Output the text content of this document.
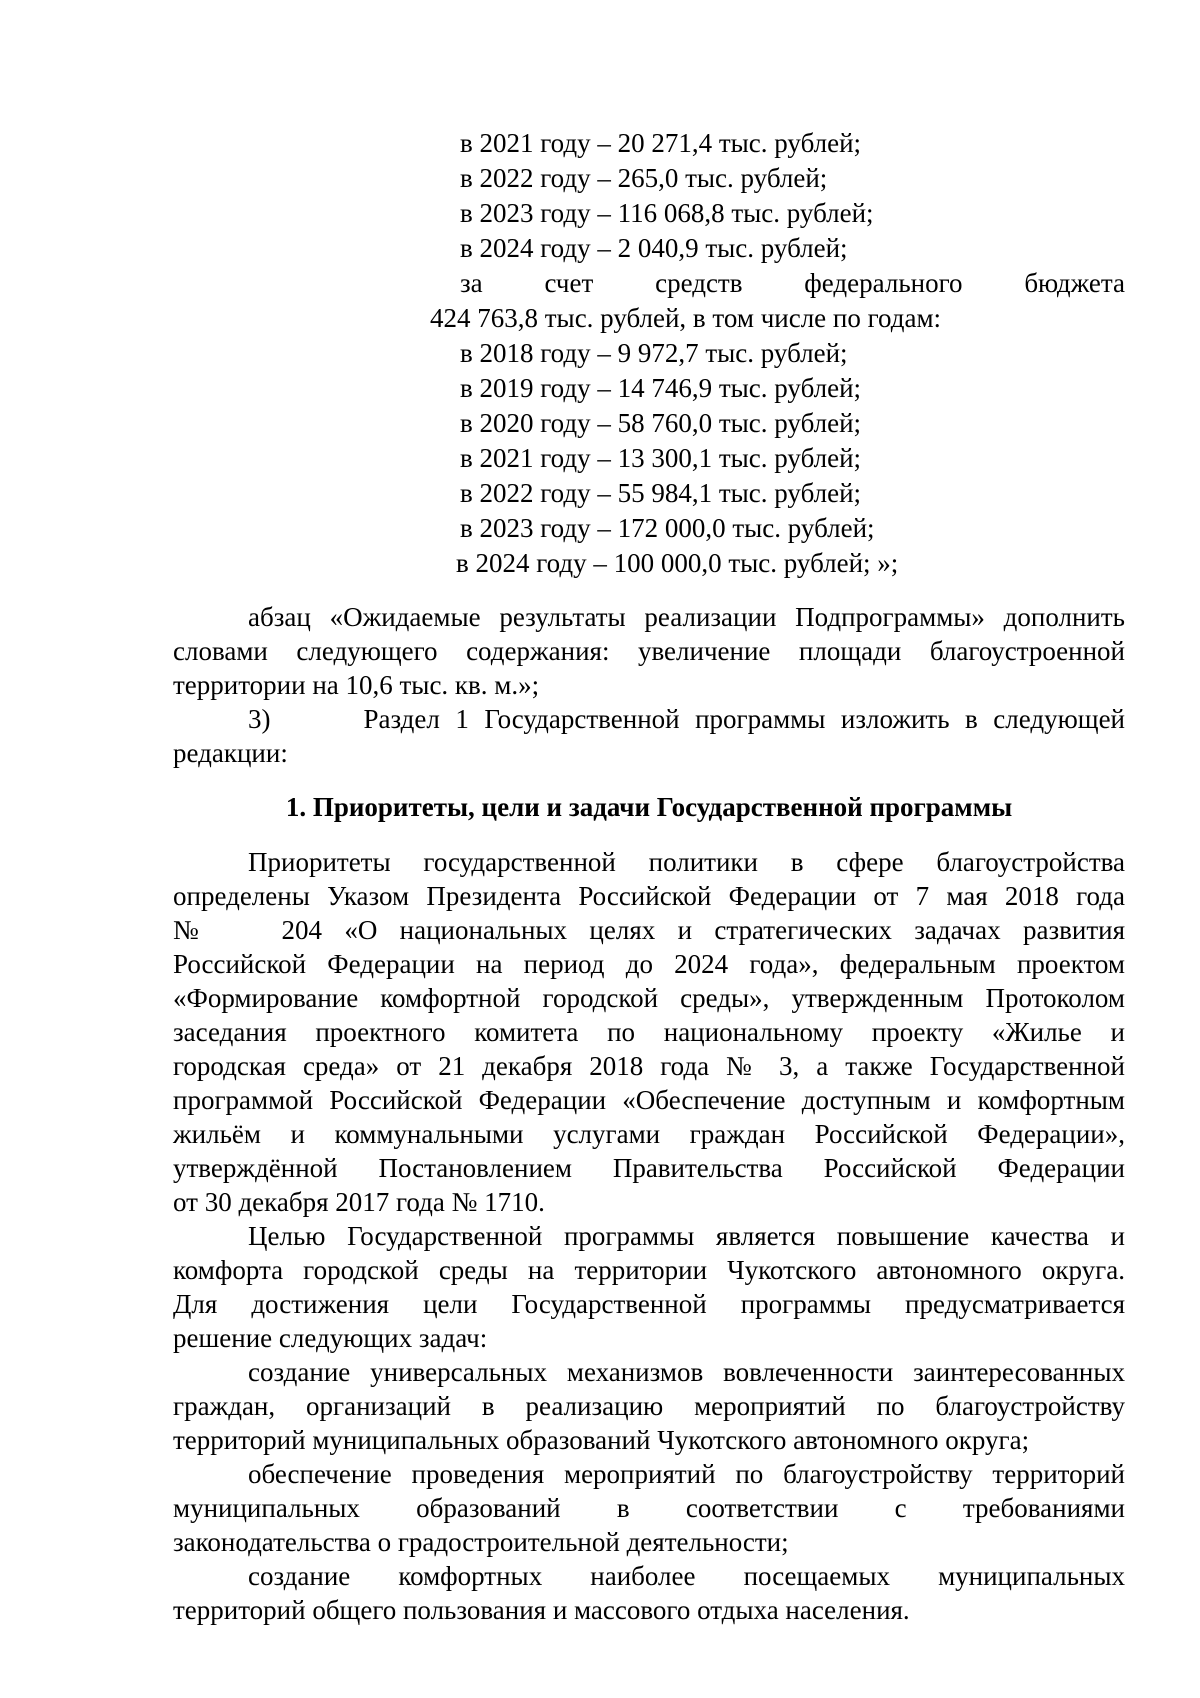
в 2021 году – 20 271,4 тыс. рублей;
в 2022 году – 265,0 тыс. рублей;
в 2023 году – 116 068,8 тыс. рублей;
в 2024 году – 2 040,9 тыс. рублей;
за счет средств федерального бюджета
424 763,8 тыс. рублей, в том числе по годам:
в 2018 году – 9 972,7 тыс. рублей;
в 2019 году – 14 746,9 тыс. рублей;
в 2020 году – 58 760,0 тыс. рублей;
в 2021 году – 13 300,1 тыс. рублей;
в 2022 году – 55 984,1 тыс. рублей;
в 2023 году – 172 000,0 тыс. рублей;
в 2024 году – 100 000,0 тыс. рублей; »;
абзац «Ожидаемые результаты реализации Подпрограммы» дополнить
словами следующего содержания: увеличение площади благоустроенной
территории на 10,6 тыс. кв. м.»;
3)      Раздел 1 Государственной программы изложить в следующей
редакции:
1. Приоритеты, цели и задачи Государственной программы
Приоритеты государственной политики в сфере благоустройства
определены Указом Президента Российской Федерации от 7 мая 2018 года
№   204 «О национальных целях и стратегических задачах развития
Российской Федерации на период до 2024 года», федеральным проектом
«Формирование комфортной городской среды», утвержденным Протоколом
заседания проектного комитета по национальному проекту «Жилье и
городская среда» от 21 декабря 2018 года № 3, а также Государственной
программой Российской Федерации «Обеспечение доступным и комфортным
жильём и коммунальными услугами граждан Российской Федерации»,
утверждённой Постановлением Правительства Российской Федерации
от 30 декабря 2017 года № 1710.
Целью Государственной программы является повышение качества и
комфорта городской среды на территории Чукотского автономного округа.
Для достижения цели Государственной программы предусматривается
решение следующих задач:
создание универсальных механизмов вовлеченности заинтересованных
граждан, организаций в реализацию мероприятий по благоустройству
территорий муниципальных образований Чукотского автономного округа;
обеспечение проведения мероприятий по благоустройству территорий
муниципальных образований в соответствии с требованиями
законодательства о градостроительной деятельности;
создание комфортных наиболее посещаемых муниципальных
территорий общего пользования и массового отдыха населения.
